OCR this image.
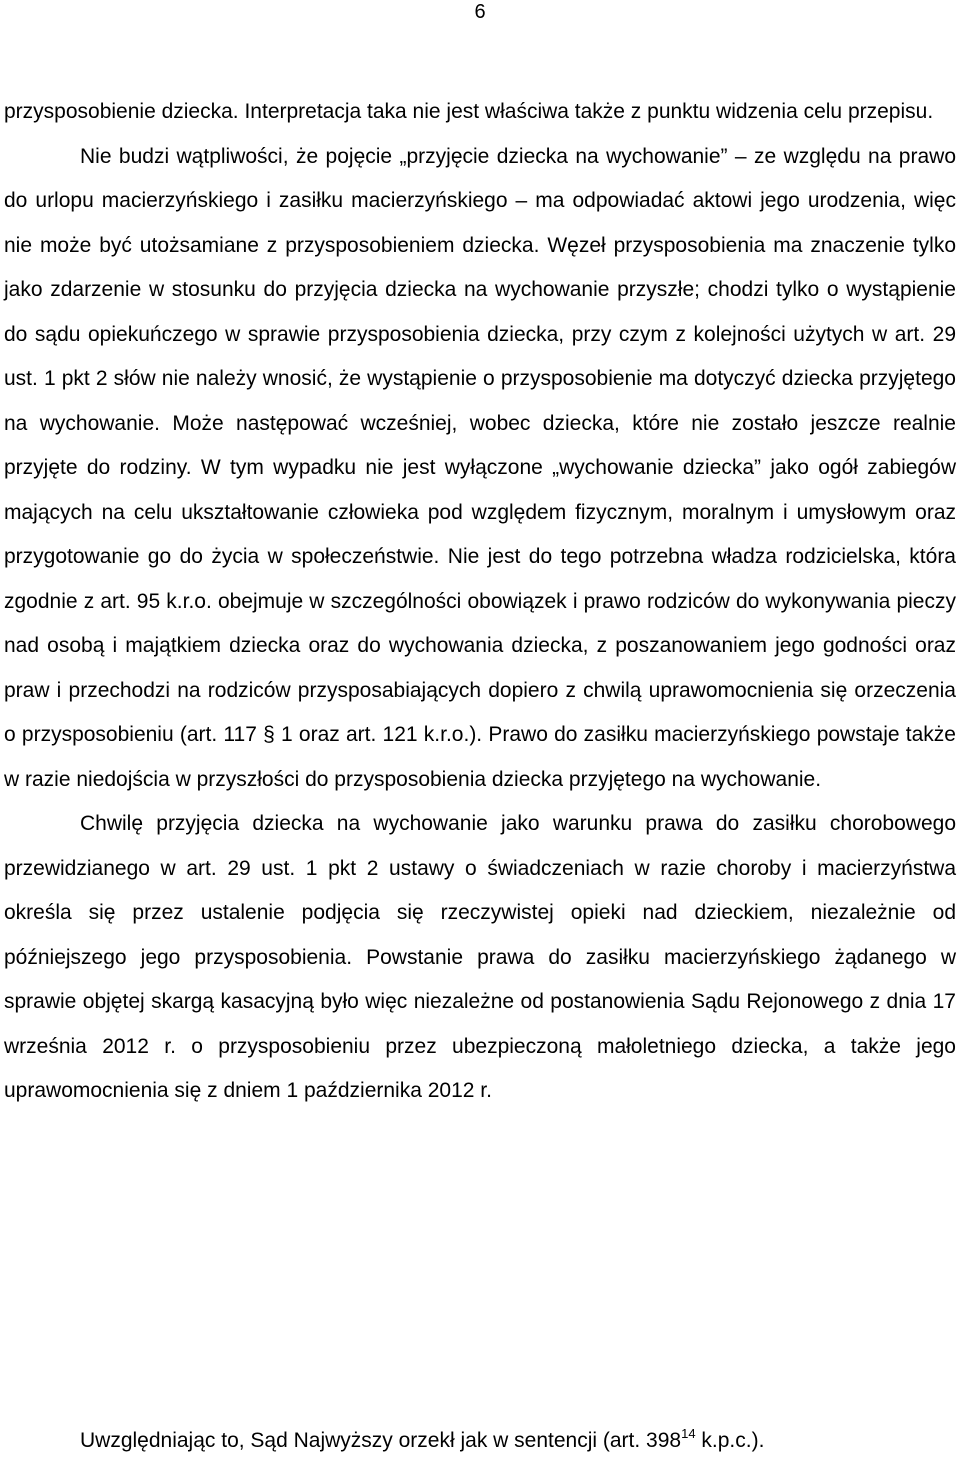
6

przysposobienie dziecka. Interpretacja taka nie jest właściwa także z punktu widzenia celu przepisu.

Nie budzi wątpliwości, że pojęcie „przyjęcie dziecka na wychowanie” – ze względu na prawo do urlopu macierzyńskiego i zasiłku macierzyńskiego – ma odpowiadać aktowi jego urodzenia, więc nie może być utożsamiane z przysposobieniem dziecka. Węzeł przysposobienia ma znaczenie tylko jako zdarzenie w stosunku do przyjęcia dziecka na wychowanie przyszłe; chodzi tylko o wystąpienie do sądu opiekuńczego w sprawie przysposobienia dziecka, przy czym z kolejności użytych w art. 29 ust. 1 pkt 2 słów nie należy wnosić, że wystąpienie o przysposobienie ma dotyczyć dziecka przyjętego na wychowanie. Może następować wcześniej, wobec dziecka, które nie zostało jeszcze realnie przyjęte do rodziny. W tym wypadku nie jest wyłączone „wychowanie dziecka” jako ogół zabiegów mających na celu ukształtowanie człowieka pod względem fizycznym, moralnym i umysłowym oraz przygotowanie go do życia w społeczeństwie. Nie jest do tego potrzebna władza rodzicielska, która zgodnie z art. 95 k.r.o. obejmuje w szczególności obowiązek i prawo rodziców do wykonywania pieczy nad osobą i majątkiem dziecka oraz do wychowania dziecka, z poszanowaniem jego godności oraz praw i przechodzi na rodziców przysposabiających dopiero z chwilą uprawomocnienia się orzeczenia o przysposobieniu (art. 117 § 1 oraz art. 121 k.r.o.). Prawo do zasiłku macierzyńskiego powstaje także w razie niedojścia w przyszłości do przysposobienia dziecka przyjętego na wychowanie.

Chwilę przyjęcia dziecka na wychowanie jako warunku prawa do zasiłku chorobowego przewidzianego w art. 29 ust. 1 pkt 2 ustawy o świadczeniach w razie choroby i macierzyństwa określa się przez ustalenie podjęcia się rzeczywistej opieki nad dzieckiem, niezależnie od późniejszego jego przysposobienia. Powstanie prawa do zasiłku macierzyńskiego żądanego w sprawie objętej skargą kasacyjną było więc niezależne od postanowienia Sądu Rejonowego z dnia 17 września 2012 r. o przysposobieniu przez ubezpieczoną małoletniego dziecka, a także jego uprawomocnienia się z dniem 1 października 2012 r.

Uwzględniając to, Sąd Najwyższy orzekł jak w sentencji (art. $398^{14}$ k.p.c.).
